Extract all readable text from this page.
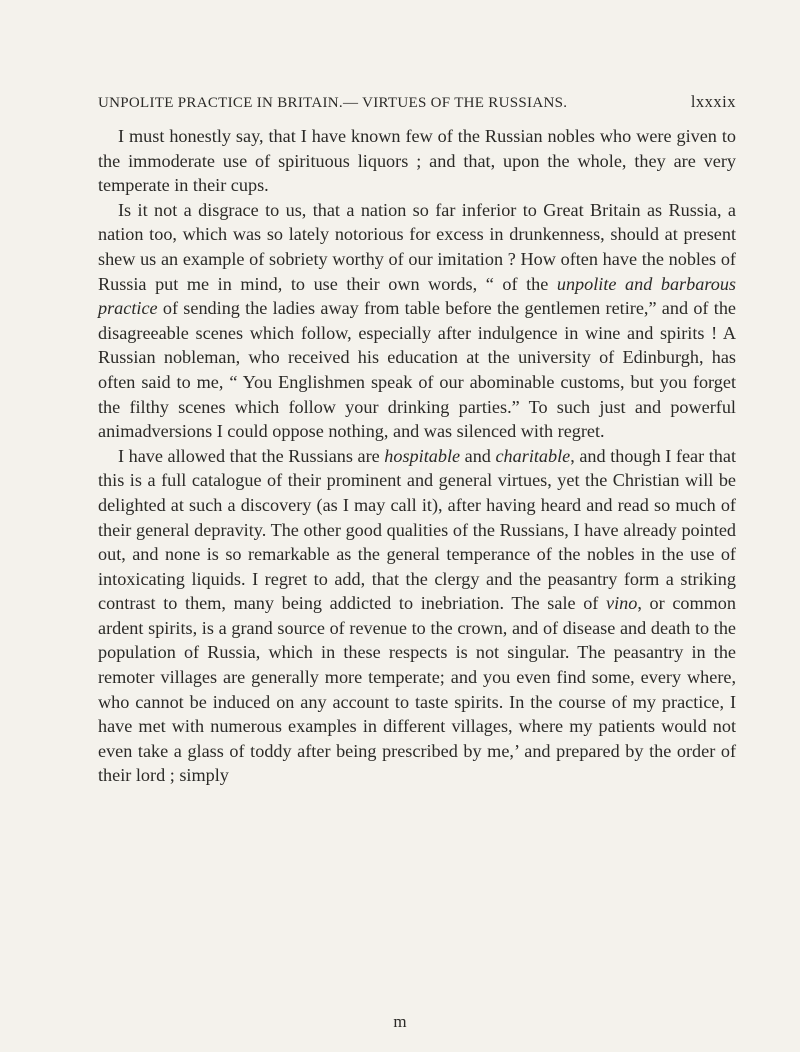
UNPOLITE PRACTICE IN BRITAIN.— VIRTUES OF THE RUSSIANS.	lxxxix

I must honestly say, that I have known few of the Russian nobles who were given to the immoderate use of spirituous liquors ; and that, upon the whole, they are very temperate in their cups.

Is it not a disgrace to us, that a nation so far inferior to Great Britain as Russia, a nation too, which was so lately notorious for excess in drunkenness, should at present shew us an example of sobriety worthy of our imitation ? How often have the nobles of Russia put me in mind, to use their own words, “ of the unpolite and barbarous practice of sending the ladies away from table before the gentlemen retire,” and of the disagreeable scenes which follow, especially after indulgence in wine and spirits ! A Russian nobleman, who received his education at the university of Edinburgh, has often said to me, “ You Englishmen speak of our abominable customs, but you forget the filthy scenes which follow your drinking parties.” To such just and powerful animadversions I could oppose nothing, and was silenced with regret.

I have allowed that the Russians are hospitable and charitable, and though I fear that this is a full catalogue of their prominent and general virtues, yet the Christian will be delighted at such a discovery (as I may call it), after having heard and read so much of their general depravity. The other good qualities of the Russians, I have already pointed out, and none is so remarkable as the general temperance of the nobles in the use of intoxicating liquids. I regret to add, that the clergy and the peasantry form a striking contrast to them, many being addicted to inebriation. The sale of vino, or common ardent spirits, is a grand source of revenue to the crown, and of disease and death to the population of Russia, which in these respects is not singular. The peasantry in the remoter villages are generally more temperate; and you even find some, every where, who cannot be induced on any account to taste spirits. In the course of my practice, I have met with numerous examples in different villages, where my patients would not even take a glass of toddy after being prescribed by me,’ and prepared by the order of their lord ; simply

m
